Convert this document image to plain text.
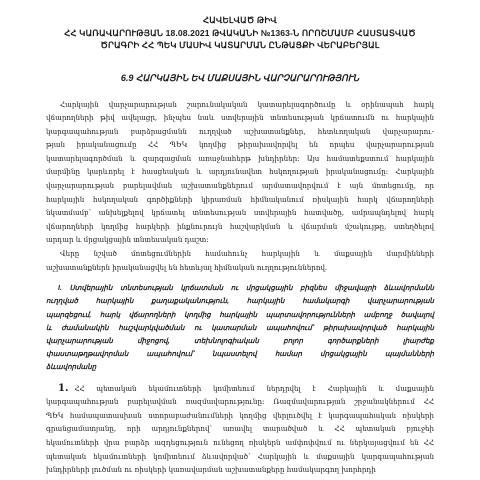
ՀԱՎԵԼՎԱԾ ԹԻՎ
ՀՀ ԿԱՌԱՎԱՐՈՒԹՅԱՆ 18.08.2021 ԹՎԱԿԱՆԻ №1363-Ն ՈՐՈՇՄԱՄԲ ՀԱՍՏԱՏՎԱԾ
ԾՐԱԳՐԻ ՀՀ ՊԵԿ ՄԱՍԻՎ ԿԱՏԱՐՄԱՆ ԸՆԹԱՑՔԻ ՎԵՐԱԲԵՐՅԱԼ
6.9 ՀԱՐԿԱՅԻՆ ԵՎ ՄԱՔՍԱՅԻՆ ՎԱՐՉԱՐԱՐՈՒԹՅՈՒՆ

Հարկային վարչարարության շարունակական կատարելագործումը և օրինապահ հարկ
վճարողների թիվ ավելացր, ինչպես նաև ստվերային տնտեսության կրճատումն ու հարկային
կարգապահության բարձրացմանն ուղղված աշխատանքներ, հետևողական վարչարարու-
թյան իրականացումը ՀՀ ՊԵԿ կողմից թիրախավորվել են որպես վարչարարության
կատարելագործման և զարգացման առաջնահերթ խնդիրներ: Այս համատեքստում հարկային
մարմինը կարևորել է հասցեական և արդյունավետ հսկողության իրականացումը: Հարկային
վարչարարության բարելավման աշխատանքներում արմատավորվում է այն մոտեցումը, որ
հարկային հսկողական գործիքների կիրառման հիմնականում ռիսկային հարկ վճարողների
նկատմամբ՝ անխելքելով կրճատել տնտեսության ստվերային հատվածը, ամրապնդելով հարկ
վճարողների կողմից հարկերի ինքնուրույն հաշվարկման և վճարման մշակույթը, ստեղծելով
արդար և մրցակցային տնտեսական դաշտ:

Վերը նշված մոտեցումներին համահունչ հարկային և մաքսային մարմինների
աշխատանքներն իրականացվել են հետևյալ հիմնական ուղղություններով.

I. Ստվերային տնտեսության կրճատման ու մրցակցային բիզնես միջավայրի ձևավորմանն
ուղղված հարկային քաղաքականություն, հարկային համակարգի վարչարարության
պարզեցում, հարկ վճարողների կողմից հարկային պարտավորությունների ամբողջ ծավալով
և ժամանակին հաշվարկվածման ու կատարման ապահովում՝ թիրախավորված հարկային
վարչարարության միջոցով, տեխնոլոգիական բոլոր գործարքների լիարժեք
փաստաթղթավորման ապահովում՝ նպաստելով համար մրցակցային պայմանների
ձևավորմանը

1. ՀՀ պետական եկամուտների կոմիտեում ներդրվել է Հարկային և մաքսային
կարգապահության բարելավման ռազմավարությունը: Ռազմավարության շրջանակներում ՀՀ
ՊԵԿ համապատասխան ստորաբաժանումների կողմից վերլուծվել է կարգապահական ռիսկերի
գրանցամատյանը, որի արդյունքներով՝ առավել տարածված և ՀՀ պետական բյուջեի
եկամուտների վրա բարձր ազդեցություն ունեցող ռիսկերն ամփոփվում ու ներկայացվում են ՀՀ
պետական եկամուտների կոմիտեում ձևավորված՝ Հարկային և մաքսային կարգապահության
խնդիրների լուծման ու ռիսկերի կառավարման աշխատանքերը համակարգող խորհրդի
